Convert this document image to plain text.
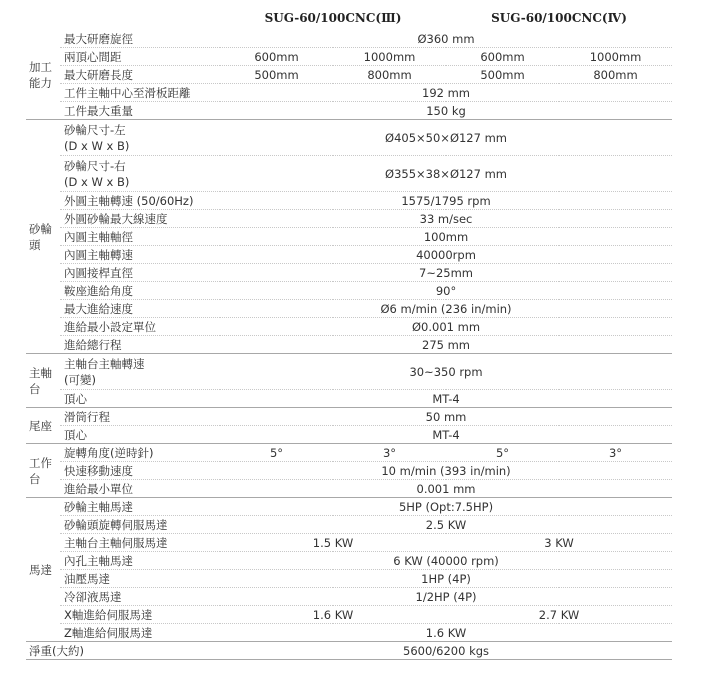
		SUG-60/100CNC(Ⅲ)		SUG-60/100CNC(Ⅳ)	
加工能力	最大研磨旋徑	Ø360 mm			
	兩頂心間距	600mm	1000mm	600mm	1000mm
	最大研磨長度	500mm	800mm	500mm	800mm
	工件主軸中心至滑板距離	192 mm			
	工件最大重量	150 kg			
砂輪頭	砂輪尺寸-左
(D x W x B)	Ø405×50×Ø127 mm			
	砂輪尺寸-右
(D x W x B)	Ø355×38×Ø127 mm			
	外圓主軸轉速 (50/60Hz)	1575/1795 rpm			
	外圓砂輪最大線速度	33 m/sec			
	內圓主軸軸徑	100mm			
	內圓主軸轉速	40000rpm			
	內圓接桿直徑	7~25mm			
	鞍座進給角度	90°			
	最大進給速度	Ø6 m/min (236 in/min)			
	進給最小設定單位	Ø0.001 mm			
	進給總行程	275 mm			
主軸台	主軸台主軸轉速
(可變)	30~350 rpm			
	頂心	MT-4			
尾座	滑筒行程	50 mm			
	頂心	MT-4			
工作台	旋轉角度(逆時針)	5°	3°	5°	3°
	快速移動速度	10 m/min (393 in/min)			
	進給最小單位	0.001 mm			
馬達	砂輪主軸馬達	5HP (Opt:7.5HP)			
	砂輪頭旋轉伺服馬達	2.5 KW			
	主軸台主軸伺服馬達	1.5 KW		3 KW	
	內孔主軸馬達	6 KW (40000 rpm)			
	油壓馬達	1HP (4P)			
	冷卻液馬達	1/2HP (4P)			
	X軸進給伺服馬達	1.6 KW		2.7 KW	
	Z軸進給伺服馬達	1.6 KW			
淨重(大約)		5600/6200 kgs			
